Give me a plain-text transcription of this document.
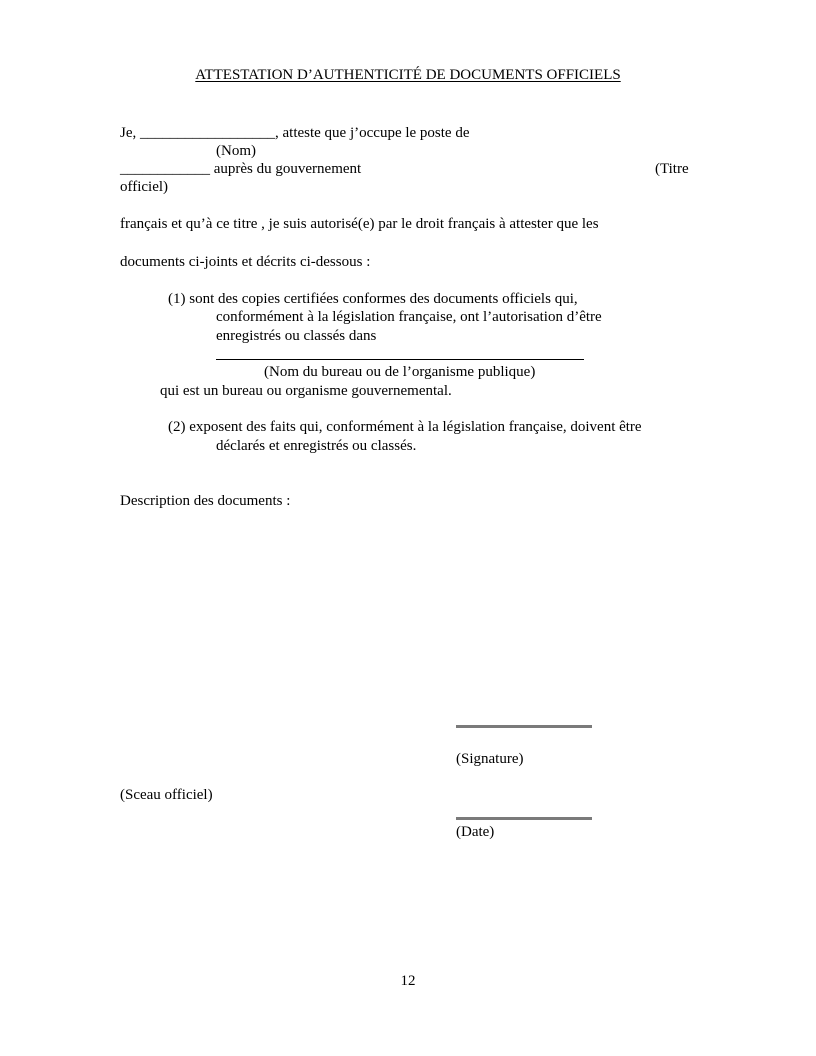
ATTESTATION D’AUTHENTICITÉ DE DOCUMENTS OFFICIELS
Je, __________________, atteste que j’occupe le poste de
(Nom)
____________ auprès du gouvernement	(Titre
officiel)
français et qu’à ce titre , je suis autorisé(e) par le droit français à attester que les
documents ci-joints et décrits ci-dessous :
(1) sont des copies certifiées conformes des documents officiels qui,
conformément à la législation française, ont l’autorisation d’être
enregistrés ou classés dans
(Nom du bureau ou de l’organisme publique)
qui est un bureau ou organisme gouvernemental.
(2) exposent des faits qui, conformément à la législation française, doivent être
déclarés et enregistrés ou classés.
Description des documents :
(Signature)
(Sceau officiel)
(Date)
12
